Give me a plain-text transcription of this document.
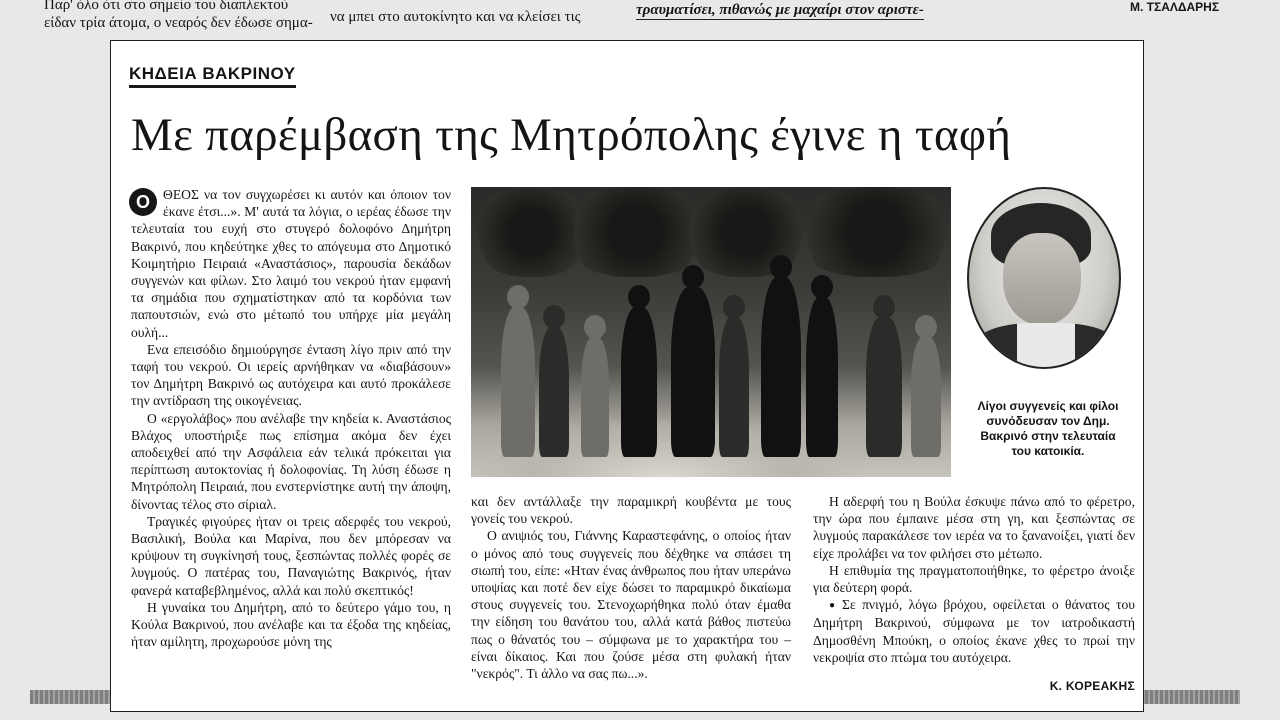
Παρ' όλο ότι στο σημείο του διαπλεκτού
είδαν τρία άτομα, ο νεαρός δεν έδωσε σημα- να μπει στο αυτοκίνητο και να κλείσει τις	τραυματίσει, πιθανώς με μαχαίρι στον αριστε-	Μ. ΤΣΑΛΔΑΡΗΣ
ΚΗΔΕΙΑ ΒΑΚΡΙΝΟΥ
Με παρέμβαση της Μητρόπολης έγινε η ταφή

Ο ΘΕΟΣ να τον συγχωρέσει κι αυτόν και όποιον τον έκανε έτσι...». Μ' αυτά τα λόγια, ο ιερέας έδωσε την τελευταία του ευχή στο στυγερό δολοφόνο Δημήτρη Βακρινό, που κηδεύτηκε χθες το απόγευμα στο Δημοτικό Κοιμητήριο Πειραιά «Αναστάσιος», παρουσία δεκάδων συγγενών και φίλων. Στο λαιμό του νεκρού ήταν εμφανή τα σημάδια που σχηματίστηκαν από τα κορδόνια των παπουτσιών, ενώ στο μέτωπό του υπήρχε μία μεγάλη ουλή...

Ενα επεισόδιο δημιούργησε ένταση λίγο πριν από την ταφή του νεκρού. Οι ιερείς αρνήθηκαν να «διαβάσουν» τον Δημήτρη Βακρινό ως αυτόχειρα και αυτό προκάλεσε την αντίδραση της οικογένειας.

Ο «εργολάβος» που ανέλαβε την κηδεία κ. Αναστάσιος Βλάχος υποστήριξε πως επίσημα ακόμα δεν έχει αποδειχθεί από την Ασφάλεια εάν τελικά πρόκειται για περίπτωση αυτοκτονίας ή δολοφονίας. Τη λύση έδωσε η Μητρόπολη Πειραιά, που ενστερνίστηκε αυτή την άποψη, δίνοντας τέλος στο σίριαλ.

Τραγικές φιγούρες ήταν οι τρεις αδερφές του νεκρού, Βασιλική, Βούλα και Μαρίνα, που δεν μπόρεσαν να κρύψουν τη συγκίνησή τους, ξεσπώντας πολλές φορές σε λυγμούς. Ο πατέρας του, Παναγιώτης Βακρινός, ήταν φανερά καταβεβλημένος, αλλά και πολύ σκεπτικός!

Η γυναίκα του Δημήτρη, από το δεύτερο γάμο του, η Κούλα Βακρινού, που ανέλαβε και τα έξοδα της κηδείας, ήταν αμίλητη, προχωρούσε μόνη της

Λίγοι συγγενείς και φίλοι συνόδευσαν τον Δημ. Βακρινό στην τελευταία του κατοικία.

και δεν αντάλλαξε την παραμικρή κουβέντα με τους γονείς του νεκρού.

Ο ανιψιός του, Γιάννης Καραστεφάνης, ο οποίος ήταν ο μόνος από τους συγγενείς που δέχθηκε να σπάσει τη σιωπή του, είπε: «Ηταν ένας άνθρωπος που ήταν υπεράνω υποψίας και ποτέ δεν είχε δώσει το παραμικρό δικαίωμα στους συγγενείς του. Στενοχωρήθηκα πολύ όταν έμαθα την είδηση του θανάτου του, αλλά κατά βάθος πιστεύω πως ο θάνατός του – σύμφωνα με το χαρακτήρα του – είναι δίκαιος. Και που ζούσε μέσα στη φυλακή ήταν "νεκρός". Τι άλλο να σας πω...».

Η αδερφή του η Βούλα έσκυψε πάνω από το φέρετρο, την ώρα που έμπαινε μέσα στη γη, και ξεσπώντας σε λυγμούς παρακάλεσε τον ιερέα να το ξανανοίξει, γιατί δεν είχε προλάβει να τον φιλήσει στο μέτωπο.

Η επιθυμία της πραγματοποιήθηκε, το φέρετρο άνοιξε για δεύτερη φορά.

● Σε πνιγμό, λόγω βρόχου, οφείλεται ο θάνατος του Δημήτρη Βακρινού, σύμφωνα με τον ιατροδικαστή Δημοσθένη Μπούκη, ο οποίος έκανε χθες το πρωί την νεκροψία στο πτώμα του αυτόχειρα.

Κ. ΚΟΡΕΑΚΗΣ
